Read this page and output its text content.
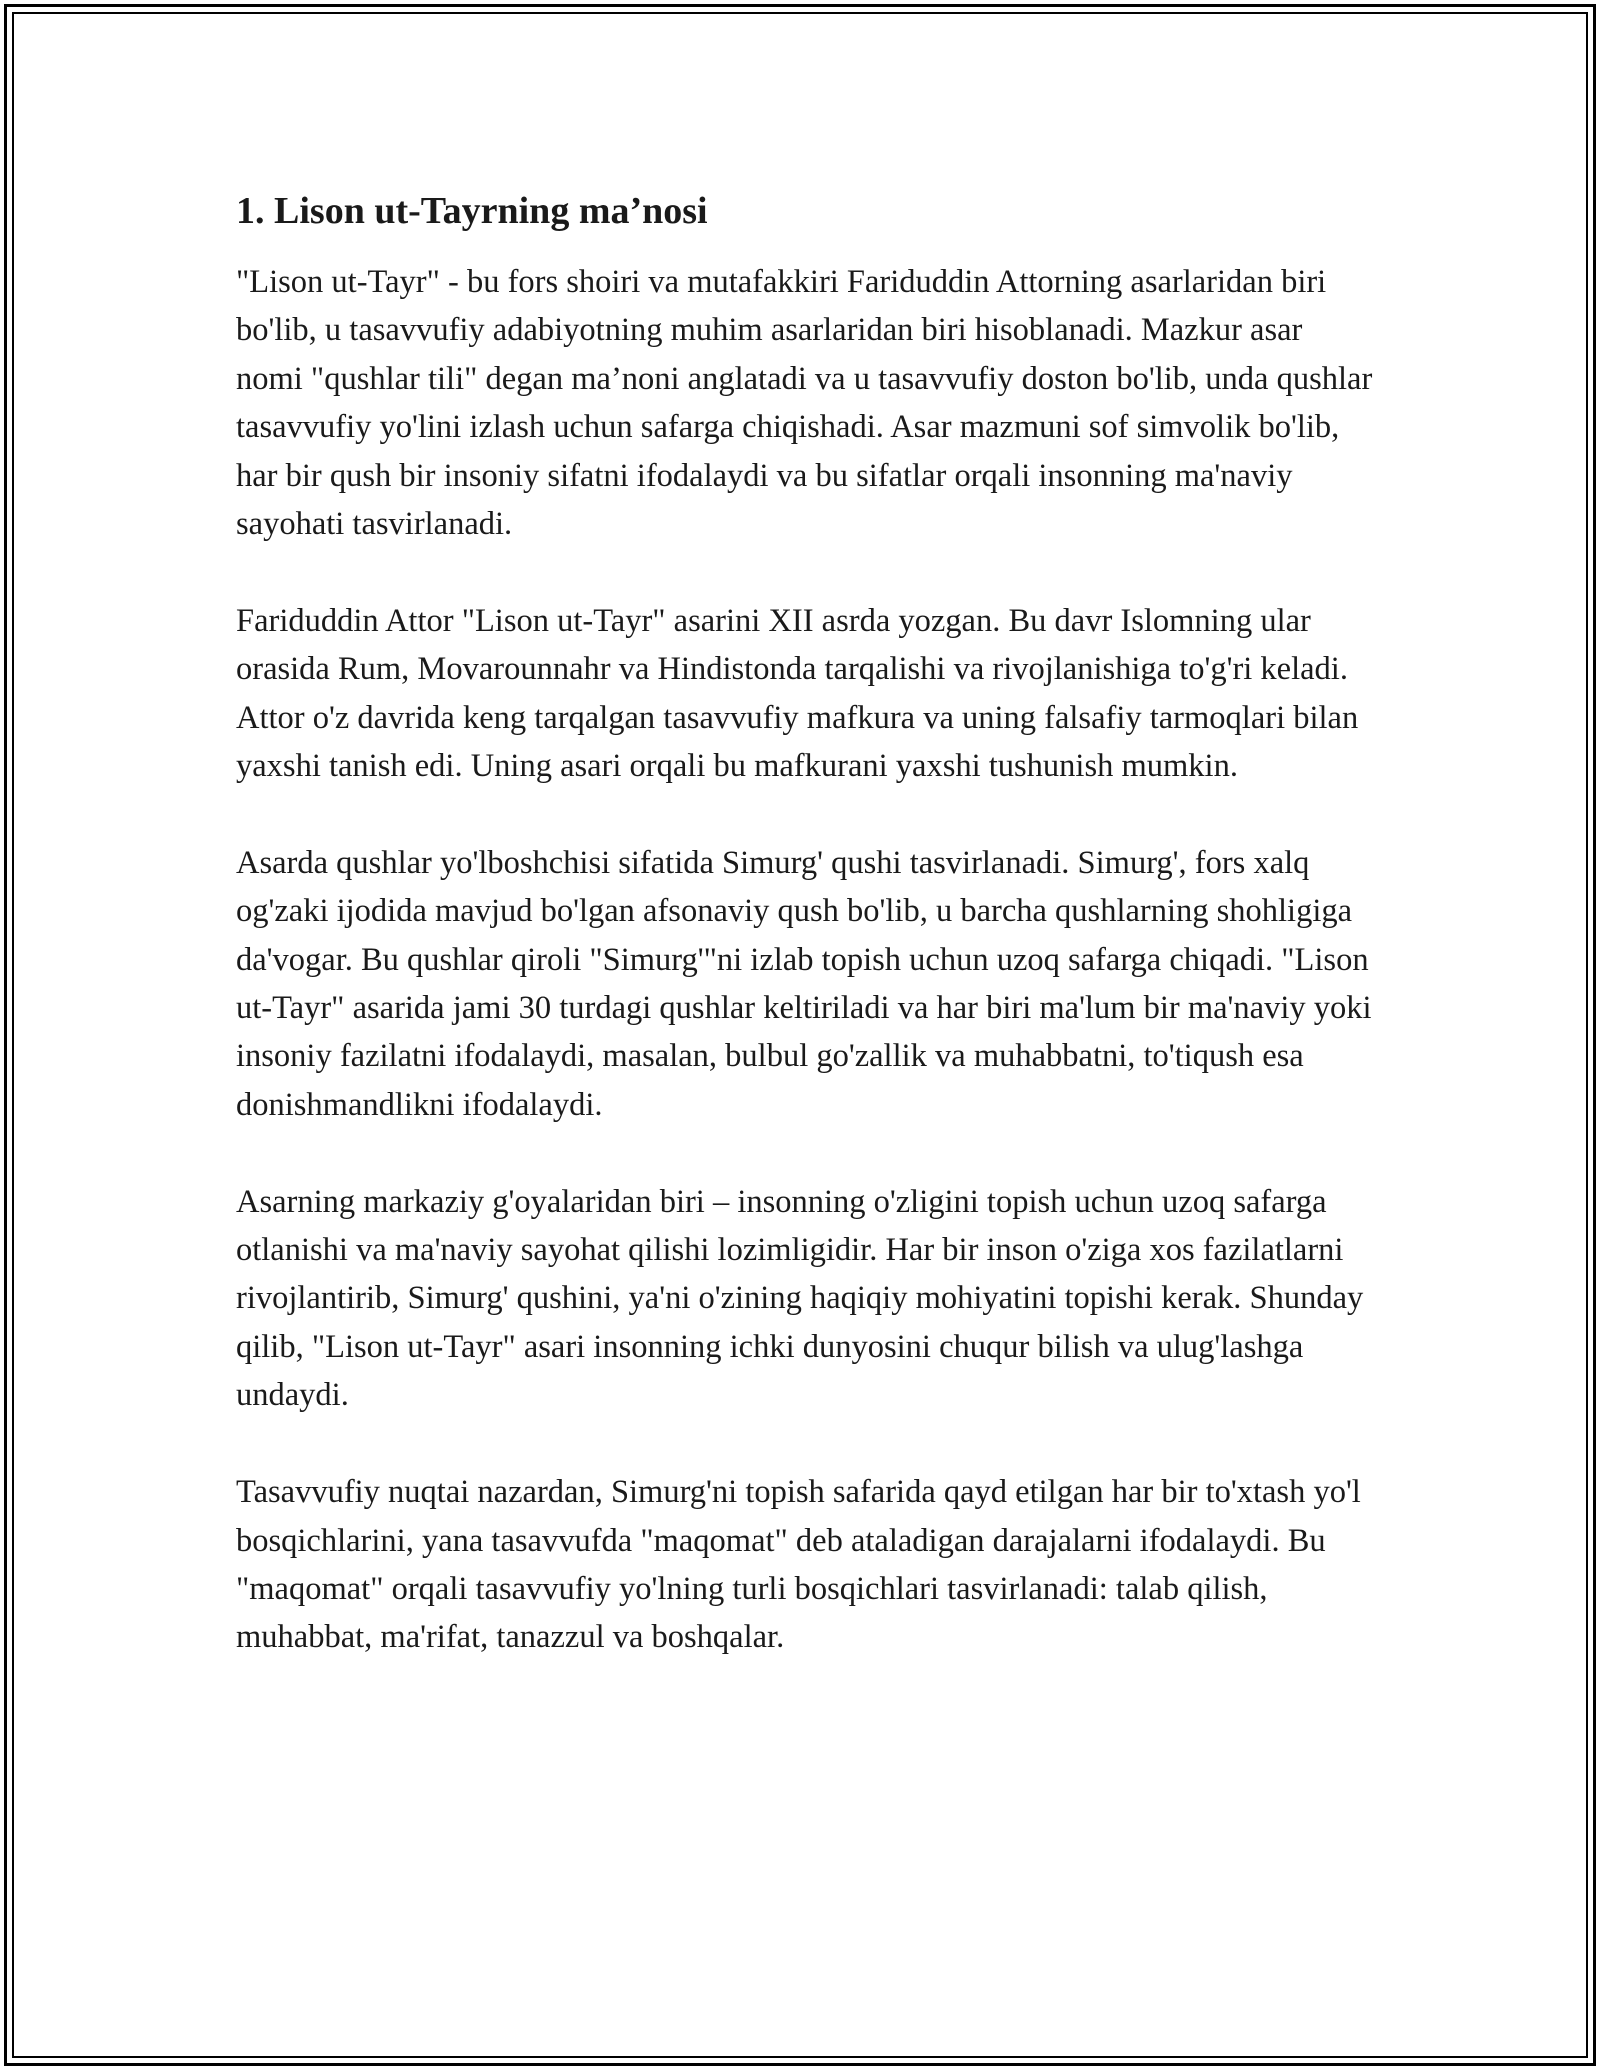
1. Lison ut-Tayrning ma’nosi

"Lison ut-Tayr" - bu fors shoiri va mutafakkiri Fariduddin Attorning asarlaridan biri bo'lib, u tasavvufiy adabiyotning muhim asarlaridan biri hisoblanadi. Mazkur asar nomi "qushlar tili" degan ma’noni anglatadi va u tasavvufiy doston bo'lib, unda qushlar tasavvufiy yo'lini izlash uchun safarga chiqishadi. Asar mazmuni sof simvolik bo'lib, har bir qush bir insoniy sifatni ifodalaydi va bu sifatlar orqali insonning ma'naviy sayohati tasvirlanadi.

Fariduddin Attor "Lison ut-Tayr" asarini XII asrda yozgan. Bu davr Islomning ular orasida Rum, Movarounnahr va Hindistonda tarqalishi va rivojlanishiga to'g'ri keladi. Attor o'z davrida keng tarqalgan tasavvufiy mafkura va uning falsafiy tarmoqlari bilan yaxshi tanish edi. Uning asari orqali bu mafkurani yaxshi tushunish mumkin.

Asarda qushlar yo'lboshchisi sifatida Simurg' qushi tasvirlanadi. Simurg', fors xalq og'zaki ijodida mavjud bo'lgan afsonaviy qush bo'lib, u barcha qushlarning shohligiga da'vogar. Bu qushlar qiroli "Simurg'"ni izlab topish uchun uzoq safarga chiqadi. "Lison ut-Tayr" asarida jami 30 turdagi qushlar keltiriladi va har biri ma'lum bir ma'naviy yoki insoniy fazilatni ifodalaydi, masalan, bulbul go'zallik va muhabbatni, to'tiqush esa donishmandlikni ifodalaydi.

Asarning markaziy g'oyalaridan biri – insonning o'zligini topish uchun uzoq safarga otlanishi va ma'naviy sayohat qilishi lozimligidir. Har bir inson o'ziga xos fazilatlarni rivojlantirib, Simurg' qushini, ya'ni o'zining haqiqiy mohiyatini topishi kerak. Shunday qilib, "Lison ut-Tayr" asari insonning ichki dunyosini chuqur bilish va ulug'lashga undaydi.

Tasavvufiy nuqtai nazardan, Simurg'ni topish safarida qayd etilgan har bir to'xtash yo'l bosqichlarini, yana tasavvufda "maqomat" deb ataladigan darajalarni ifodalaydi. Bu "maqomat" orqali tasavvufiy yo'lning turli bosqichlari tasvirlanadi: talab qilish, muhabbat, ma'rifat, tanazzul va boshqalar.
